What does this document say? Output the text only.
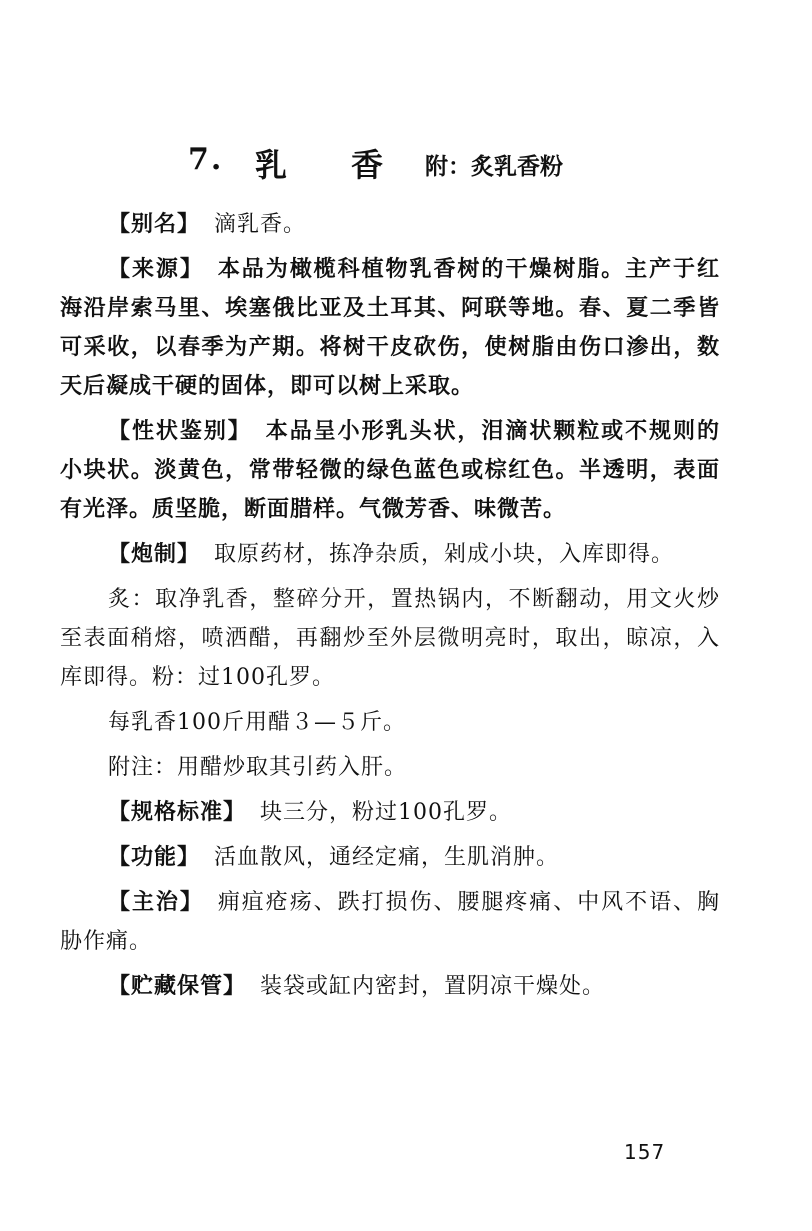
7. 乳香
附：炙乳香粉

【别名】 滴乳香。

【来源】 本品为橄榄科植物乳香树的干燥树脂。主产于红海沿岸索马里、埃塞俄比亚及土耳其、阿联等地。春、夏二季皆可采收，以春季为产期。将树干皮砍伤，使树脂由伤口渗出，数天后凝成干硬的固体，即可以树上采取。

【性状鉴别】 本品呈小形乳头状，泪滴状颗粒或不规则的小块状。淡黄色，常带轻微的绿色蓝色或棕红色。半透明，表面有光泽。质坚脆，断面腊样。气微芳香、味微苦。

【炮制】 取原药材，拣净杂质，剁成小块，入库即得。

炙：取净乳香，整碎分开，置热锅内，不断翻动，用文火炒至表面稍熔，喷洒醋，再翻炒至外层微明亮时，取出，晾凉，入库即得。粉：过100孔罗。

每乳香100斤用醋３—５斤。

附注：用醋炒取其引药入肝。

【规格标准】 块三分，粉过100孔罗。

【功能】 活血散风，通经定痛，生肌消肿。

【主治】 痈疽疮疡、跌打损伤、腰腿疼痛、中风不语、胸胁作痛。

【贮藏保管】 装袋或缸内密封，置阴凉干燥处。

157
